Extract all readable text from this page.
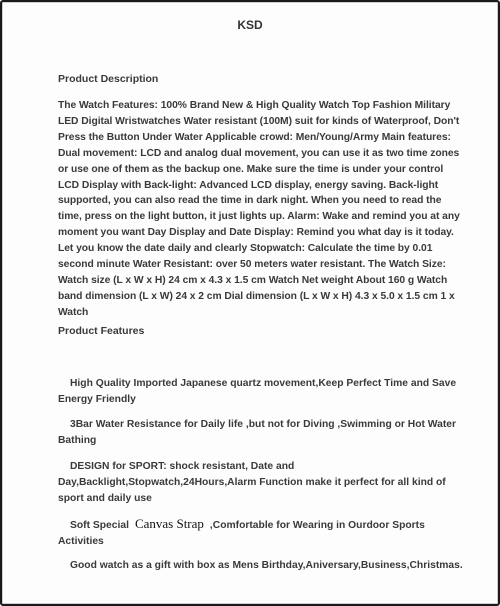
KSD
Product Description
The Watch Features: 100% Brand New & High Quality Watch Top Fashion Military LED Digital Wristwatches Water resistant (100M) suit for kinds of Waterproof, Don't Press the Button Under Water Applicable crowd: Men/Young/Army Main features: Dual movement: LCD and analog dual movement, you can use it as two time zones or use one of them as the backup one. Make sure the time is under your control LCD Display with Back-light: Advanced LCD display, energy saving. Back-light supported, you can also read the time in dark night. When you need to read the time, press on the light button, it just lights up. Alarm: Wake and remind you at any moment you want Day Display and Date Display: Remind you what day is it today. Let you know the date daily and clearly Stopwatch: Calculate the time by 0.01 second minute Water Resistant: over 50 meters water resistant. The Watch Size: Watch size (L x W x H) 24 cm x 4.3 x 1.5 cm Watch Net weight About 160 g Watch band dimension (L x W) 24 x 2 cm Dial dimension (L x W x H) 4.3 x 5.0 x 1.5 cm 1 x Watch
Product Features
High Quality Imported Japanese quartz movement,Keep Perfect Time and Save Energy Friendly
3Bar Water Resistance for Daily life ,but not for Diving ,Swimming or Hot Water Bathing
DESIGN for SPORT: shock resistant, Date and Day,Backlight,Stopwatch,24Hours,Alarm Function make it perfect for all kind of sport and daily use
Soft Special Canvas Strap ,Comfortable for Wearing in Ourdoor Sports Activities
Good watch as a gift with box as Mens Birthday,Aniversary,Business,Christmas.
